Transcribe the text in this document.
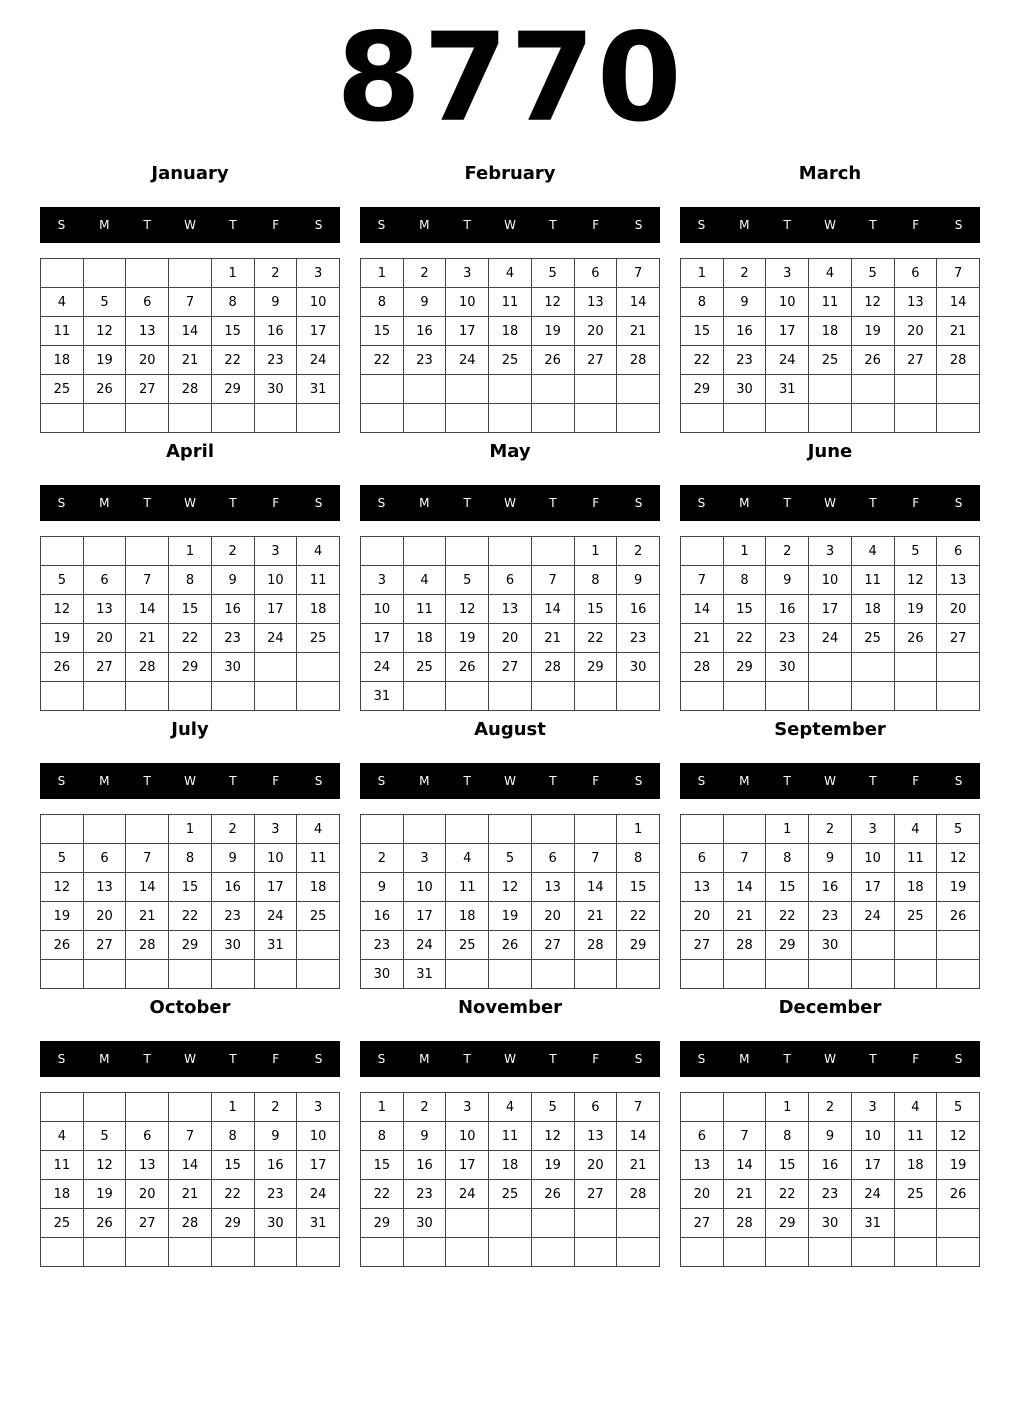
8770
January
S	M	T	W	T	F	S
				1	2	3
4	5	6	7	8	9	10
11	12	13	14	15	16	17
18	19	20	21	22	23	24
25	26	27	28	29	30	31

February
S	M	T	W	T	F	S
1	2	3	4	5	6	7
8	9	10	11	12	13	14
15	16	17	18	19	20	21
22	23	24	25	26	27	28

March
S	M	T	W	T	F	S
1	2	3	4	5	6	7
8	9	10	11	12	13	14
15	16	17	18	19	20	21
22	23	24	25	26	27	28
29	30	31				

April
S	M	T	W	T	F	S
			1	2	3	4
5	6	7	8	9	10	11
12	13	14	15	16	17	18
19	20	21	22	23	24	25
26	27	28	29	30		

May
S	M	T	W	T	F	S
					1	2
3	4	5	6	7	8	9
10	11	12	13	14	15	16
17	18	19	20	21	22	23
24	25	26	27	28	29	30
31						
June
S	M	T	W	T	F	S
	1	2	3	4	5	6
7	8	9	10	11	12	13
14	15	16	17	18	19	20
21	22	23	24	25	26	27
28	29	30				

July
S	M	T	W	T	F	S
			1	2	3	4
5	6	7	8	9	10	11
12	13	14	15	16	17	18
19	20	21	22	23	24	25
26	27	28	29	30	31	

August
S	M	T	W	T	F	S
						1
2	3	4	5	6	7	8
9	10	11	12	13	14	15
16	17	18	19	20	21	22
23	24	25	26	27	28	29
30	31					
September
S	M	T	W	T	F	S
		1	2	3	4	5
6	7	8	9	10	11	12
13	14	15	16	17	18	19
20	21	22	23	24	25	26
27	28	29	30			

October
S	M	T	W	T	F	S
				1	2	3
4	5	6	7	8	9	10
11	12	13	14	15	16	17
18	19	20	21	22	23	24
25	26	27	28	29	30	31

November
S	M	T	W	T	F	S
1	2	3	4	5	6	7
8	9	10	11	12	13	14
15	16	17	18	19	20	21
22	23	24	25	26	27	28
29	30					

December
S	M	T	W	T	F	S
		1	2	3	4	5
6	7	8	9	10	11	12
13	14	15	16	17	18	19
20	21	22	23	24	25	26
27	28	29	30	31		
